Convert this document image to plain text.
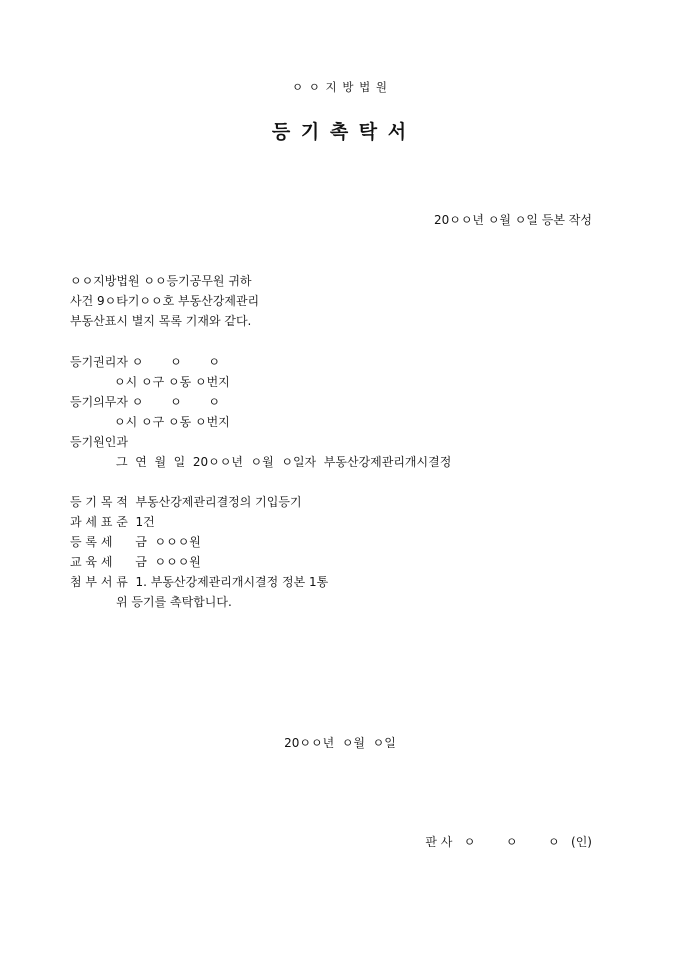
ㅇ ㅇ 지 방 법 원
등 기 촉 탁 서
20ㅇㅇ년 ㅇ월 ㅇ일 등본 작성
ㅇㅇ지방법원 ㅇㅇ등기공무원 귀하
사건 9ㅇ타기ㅇㅇ호 부동산강제관리
부동산표시 별지 목록 기재와 같다.
등기권리자 ㅇ       ㅇ       ㅇ
ㅇ시 ㅇ구 ㅇ동 ㅇ번지
등기의무자 ㅇ       ㅇ       ㅇ
ㅇ시 ㅇ구 ㅇ동 ㅇ번지
등기원인과
그  연  월  일  20ㅇㅇ년  ㅇ월  ㅇ일자  부동산강제관리개시결정
등 기 목 적  부동산강제관리결정의 기입등기
과 세 표 준  1건
등 록 세      금  ㅇㅇㅇ원
교 육 세      금  ㅇㅇㅇ원
첨 부 서 류  1. 부동산강제관리개시결정 정본 1통
위 등기를 촉탁합니다.
20ㅇㅇ년  ㅇ월  ㅇ일
판 사   ㅇ        ㅇ        ㅇ   (인)
